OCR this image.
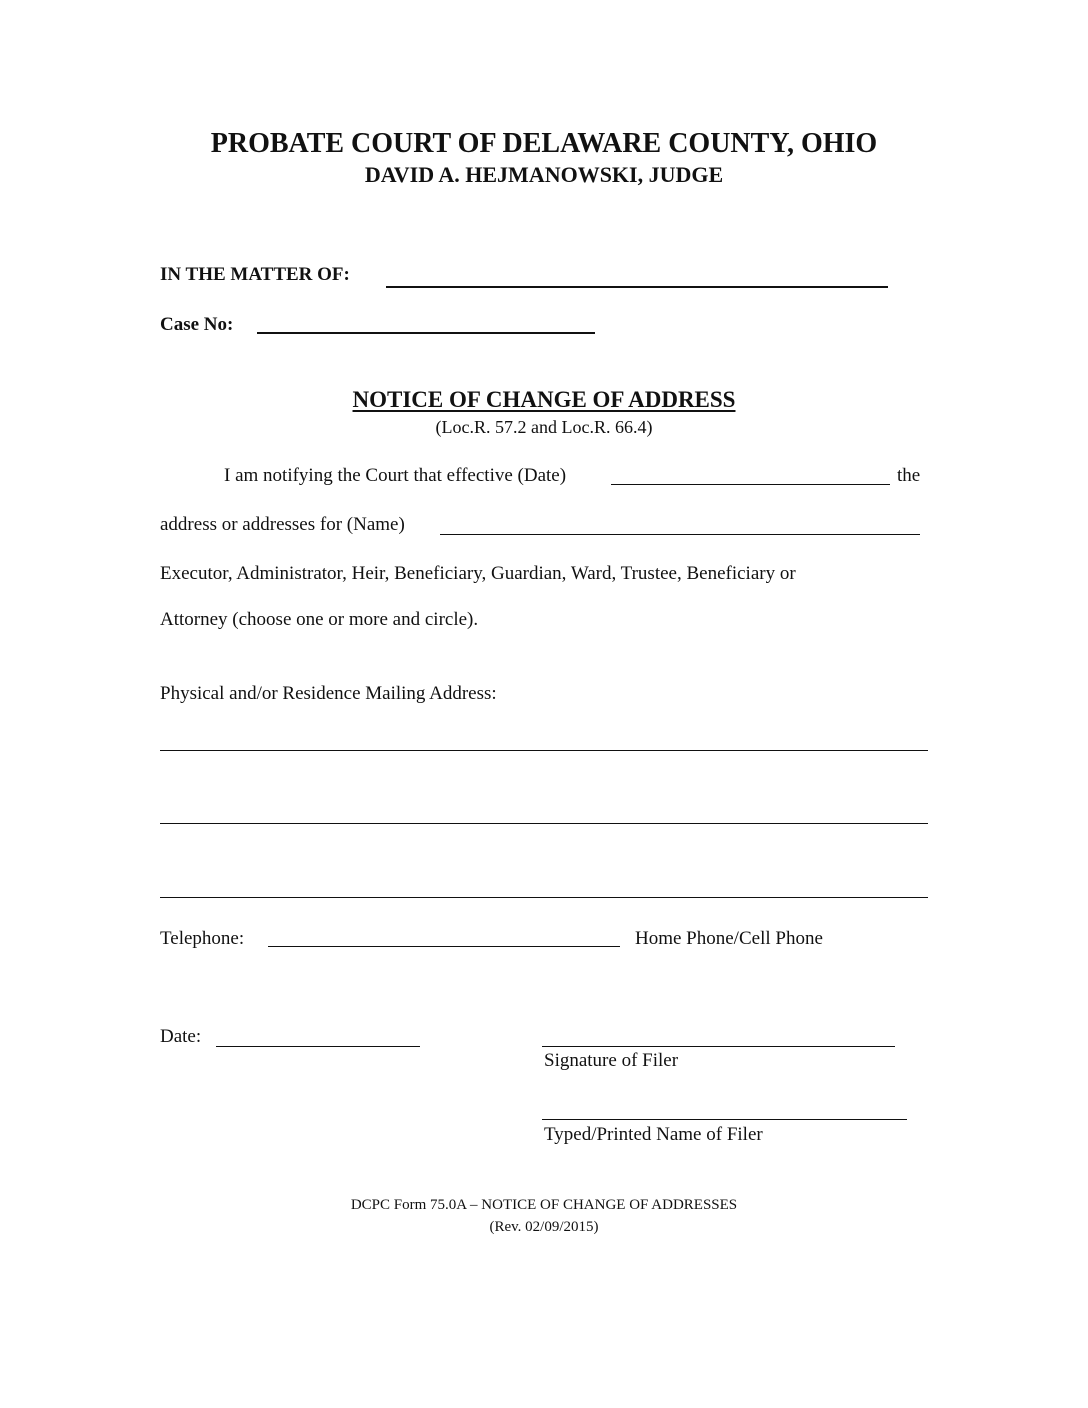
PROBATE COURT OF DELAWARE COUNTY, OHIO
DAVID A. HEJMANOWSKI, JUDGE
IN THE MATTER OF:
Case No:
NOTICE OF CHANGE OF ADDRESS
(Loc.R. 57.2 and Loc.R. 66.4)
I am notifying the Court that effective (Date)	the
address or addresses for (Name)
Executor, Administrator, Heir, Beneficiary, Guardian, Ward, Trustee, Beneficiary or
Attorney (choose one or more and circle).
Physical and/or Residence Mailing Address:
Telephone:	Home Phone/Cell Phone
Date:
Signature of Filer
Typed/Printed Name of Filer
DCPC Form 75.0A – NOTICE OF CHANGE OF ADDRESSES
(Rev. 02/09/2015)
